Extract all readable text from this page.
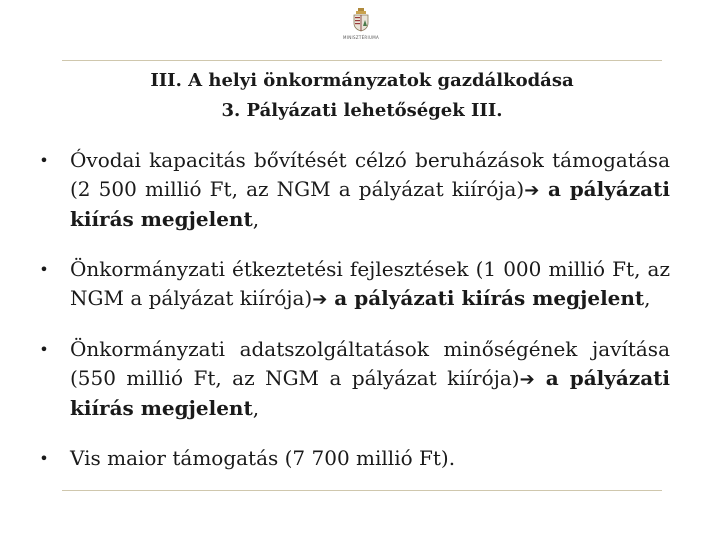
MINISZTÉRIUMA
III. A helyi önkormányzatok gazdálkodása
3. Pályázati lehetőségek III.
• Óvodai kapacitás bővítését célzó beruházások támogatása (2 500 millió Ft, az NGM a pályázat kiírója)➔ a pályázati kiírás megjelent,
• Önkormányzati étkeztetési fejlesztések (1 000 millió Ft, az NGM a pályázat kiírója)➔ a pályázati kiírás megjelent,
• Önkormányzati adatszolgáltatások minőségének javítása (550 millió Ft, az NGM a pályázat kiírója)➔ a pályázati kiírás megjelent,
• Vis maior támogatás (7 700 millió Ft).
